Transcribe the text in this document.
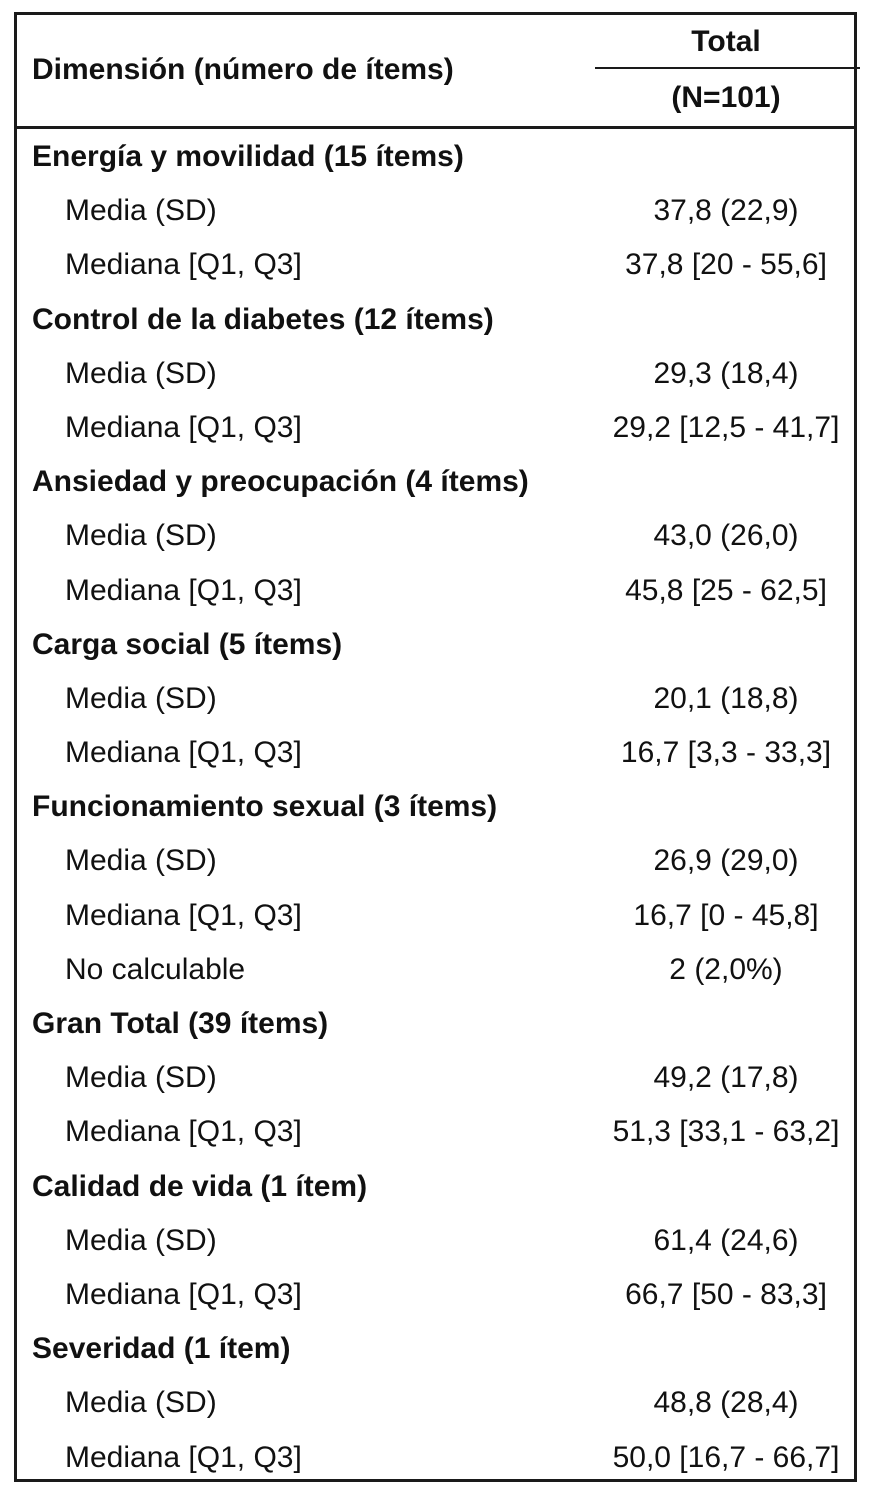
Dimensión (número de ítems)
Total
(N=101)
Energía y movilidad (15 ítems)
Media (SD)	37,8 (22,9)
Mediana [Q1, Q3]	37,8 [20 - 55,6]
Control de la diabetes (12 ítems)
Media (SD)	29,3 (18,4)
Mediana [Q1, Q3]	29,2 [12,5 - 41,7]
Ansiedad y preocupación (4 ítems)
Media (SD)	43,0 (26,0)
Mediana [Q1, Q3]	45,8 [25 - 62,5]
Carga social (5 ítems)
Media (SD)	20,1 (18,8)
Mediana [Q1, Q3]	16,7 [3,3 - 33,3]
Funcionamiento sexual (3 ítems)
Media (SD)	26,9 (29,0)
Mediana [Q1, Q3]	16,7 [0 - 45,8]
No calculable	2 (2,0%)
Gran Total (39 ítems)
Media (SD)	49,2 (17,8)
Mediana [Q1, Q3]	51,3 [33,1 - 63,2]
Calidad de vida (1 ítem)
Media (SD)	61,4 (24,6)
Mediana [Q1, Q3]	66,7 [50 - 83,3]
Severidad (1 ítem)
Media (SD)	48,8 (28,4)
Mediana [Q1, Q3]	50,0 [16,7 - 66,7]
